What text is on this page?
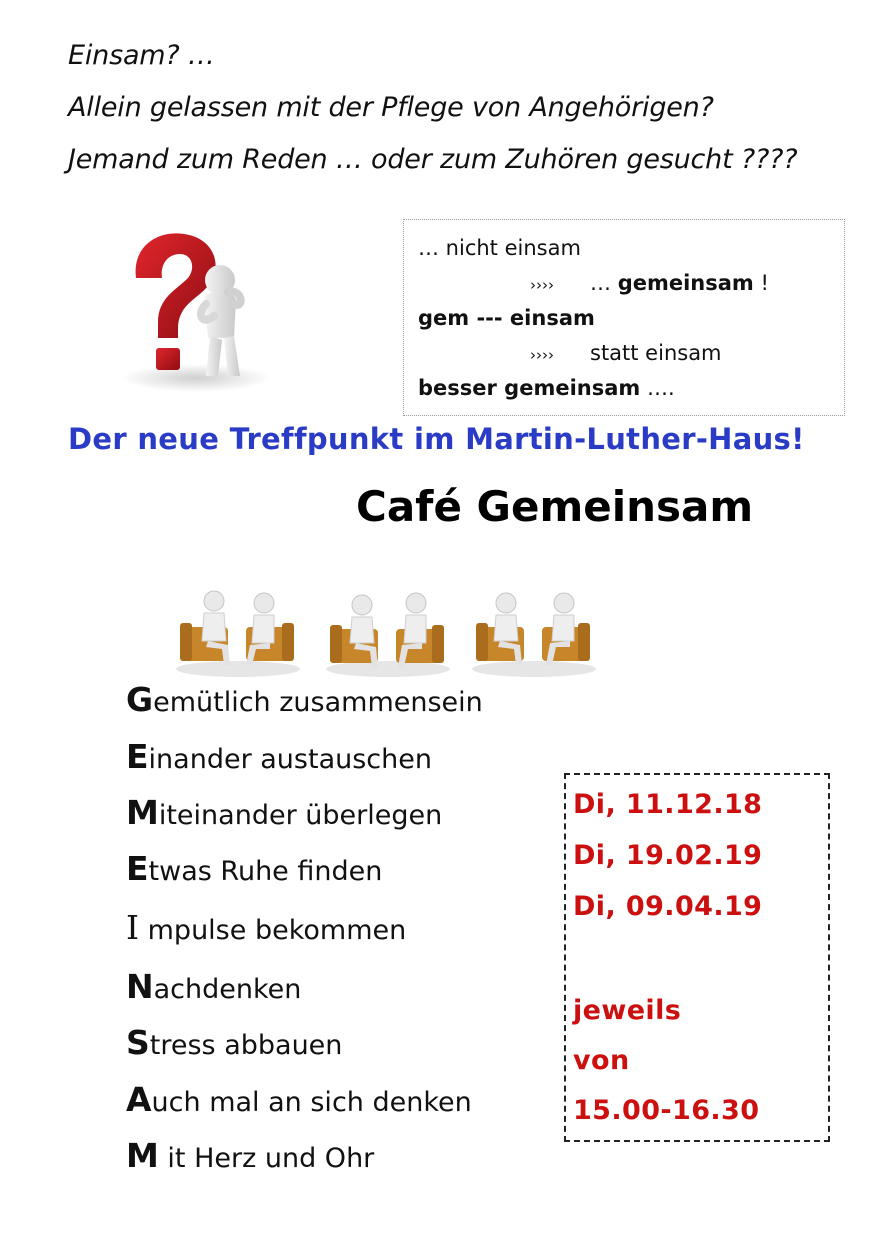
Einsam? …
Allein gelassen mit der Pflege von Angehörigen?
Jemand zum Reden … oder zum Zuhören gesucht ????
… nicht einsam
›››› … gemeinsam !
gem --- einsam
›››› statt einsam
besser gemeinsam ….
Der neue Treffpunkt im Martin-Luther-Haus!
Café Gemeinsam
Gemütlich zusammensein
Einander austauschen
Miteinander überlegen
Etwas Ruhe finden
I mpulse bekommen
Nachdenken
Stress abbauen
Auch mal an sich denken
M it Herz und Ohr
Di, 11.12.18
Di, 19.02.19
Di, 09.04.19
jeweils
von
15.00-16.30
